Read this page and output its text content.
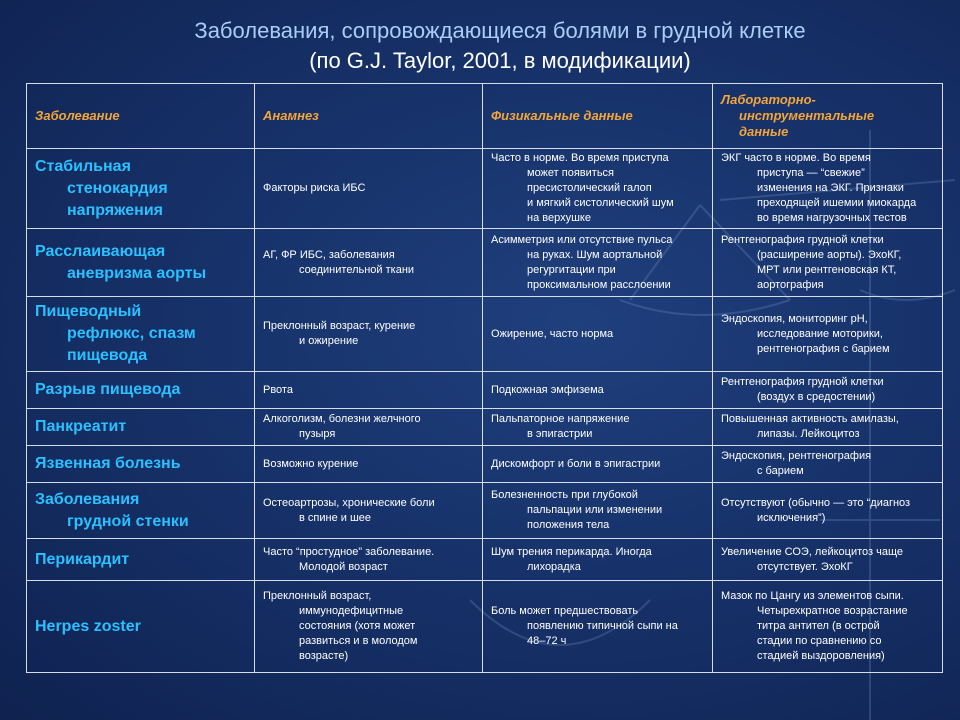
Заболевания, сопровождающиеся болями в грудной клетке
(по G.J. Taylor, 2001, в модификации)
Заболевание	Анамнез	Физикальные данные	Лабораторно-
инструментальные
данные

Стабильная
стенокардия
напряжения	Факторы риска ИБС	Часто в норме. Во время приступа
может появиться
пресистолический галоп
и мягкий систолический шум
на верхушке	ЭКГ часто в норме. Во время
приступа — “свежие”
изменения на ЭКГ. Признаки
преходящей ишемии миокарда
во время нагрузочных тестов

Расслаивающая
аневризма аорты	АГ, ФР ИБС, заболевания
соединительной ткани	Асимметрия или отсутствие пульса
на руках. Шум аортальной
регургитации при
проксимальном расслоении	Рентгенография грудной клетки
(расширение аорты). ЭхоКГ,
МРТ или рентгеновская КТ,
аортография

Пищеводный
рефлюкс, спазм
пищевода	Преклонный возраст, курение
и ожирение	Ожирение, часто норма	Эндоскопия, мониторинг рН,
исследование моторики,
рентгенография с барием

Разрыв пищевода	Рвота	Подкожная эмфизема	Рентгенография грудной клетки
(воздух в средостении)

Панкреатит	Алкоголизм, болезни желчного
пузыря	Пальпаторное напряжение
в эпигастрии	Повышенная активность амилазы,
липазы. Лейкоцитоз

Язвенная болезнь	Возможно курение	Дискомфорт и боли в эпигастрии	Эндоскопия, рентгенография
с барием

Заболевания
грудной стенки	Остеоартрозы, хронические боли
в спине и шее	Болезненность при глубокой
пальпации или изменении
положения тела	Отсутствуют (обычно — это “диагноз
исключения”)

Перикардит	Часто “простудное” заболевание.
Молодой возраст	Шум трения перикарда. Иногда
лихорадка	Увеличение СОЭ, лейкоцитоз чаще
отсутствует. ЭхоКГ

Herpes zoster	Преклонный возраст,
иммунодефицитные
состояния (хотя может
развиться и в молодом
возрасте)	Боль может предшествовать
появлению типичной сыпи на
48–72 ч	Мазок по Цангу из элементов сыпи.
Четырехкратное возрастание
титра антител (в острой
стадии по сравнению со
стадией выздоровления)
